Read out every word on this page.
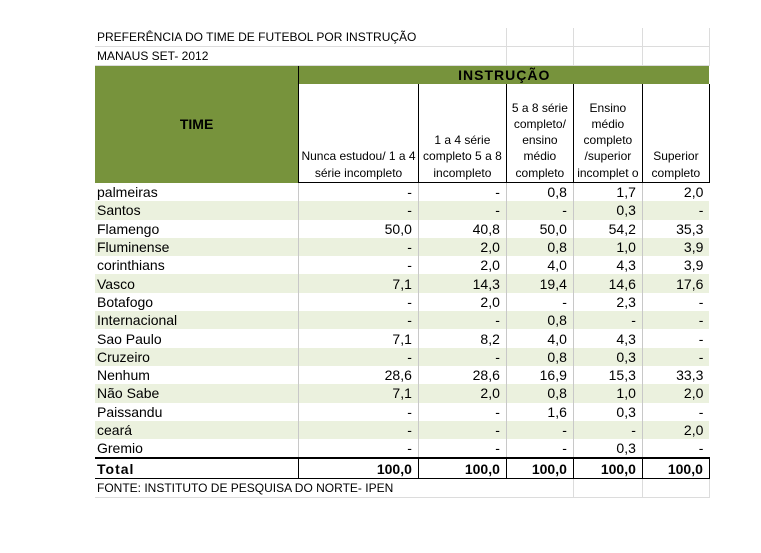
PREFERÊNCIA DO TIME DE FUTEBOL POR INSTRUÇÃO					
MANAUS SET- 2012					
TIME	INSTRUÇÃO				
	Nunca estudou/ 1 a 4 série incompleto	1 a 4 série completo 5 a 8 incompleto	5 a 8 série completo/ ensino médio completo	Ensino médio completo /superior incomplet o	Superior completo
palmeiras	-	-	0,8	1,7	2,0
Santos	-	-	-	0,3	-
Flamengo	50,0	40,8	50,0	54,2	35,3
Fluminense	-	2,0	0,8	1,0	3,9
corinthians	-	2,0	4,0	4,3	3,9
Vasco	7,1	14,3	19,4	14,6	17,6
Botafogo	-	2,0	-	2,3	-
Internacional	-	-	0,8	-	-
Sao Paulo	7,1	8,2	4,0	4,3	-
Cruzeiro	-	-	0,8	0,3	-
Nenhum	28,6	28,6	16,9	15,3	33,3
Não Sabe	7,1	2,0	0,8	1,0	2,0
Paissandu	-	-	1,6	0,3	-
ceará	-	-	-	-	2,0
Gremio	-	-	-	0,3	-
Total	100,0	100,0	100,0	100,0	100,0
FONTE: INSTITUTO DE PESQUISA DO NORTE- IPEN					
